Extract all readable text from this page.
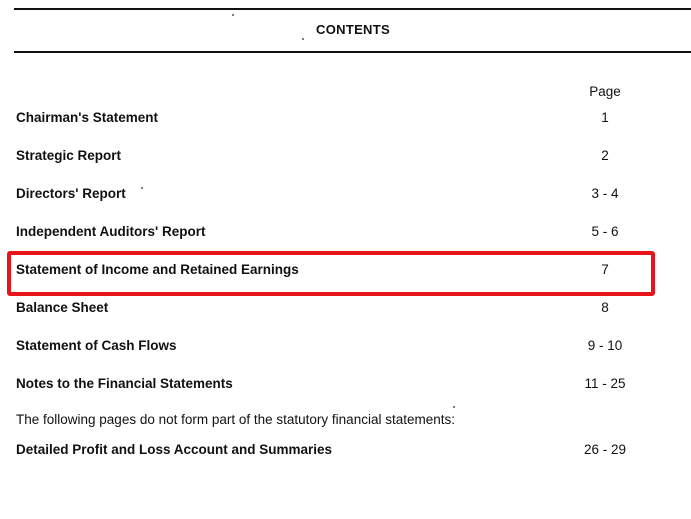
CONTENTS
Page
Chairman's Statement	1
Strategic Report	2
Directors' Report	3 - 4
Independent Auditors' Report	5 - 6
Statement of Income and Retained Earnings	7
Balance Sheet	8
Statement of Cash Flows	9 - 10
Notes to the Financial Statements	11 - 25
The following pages do not form part of the statutory financial statements:
Detailed Profit and Loss Account and Summaries	26 - 29
